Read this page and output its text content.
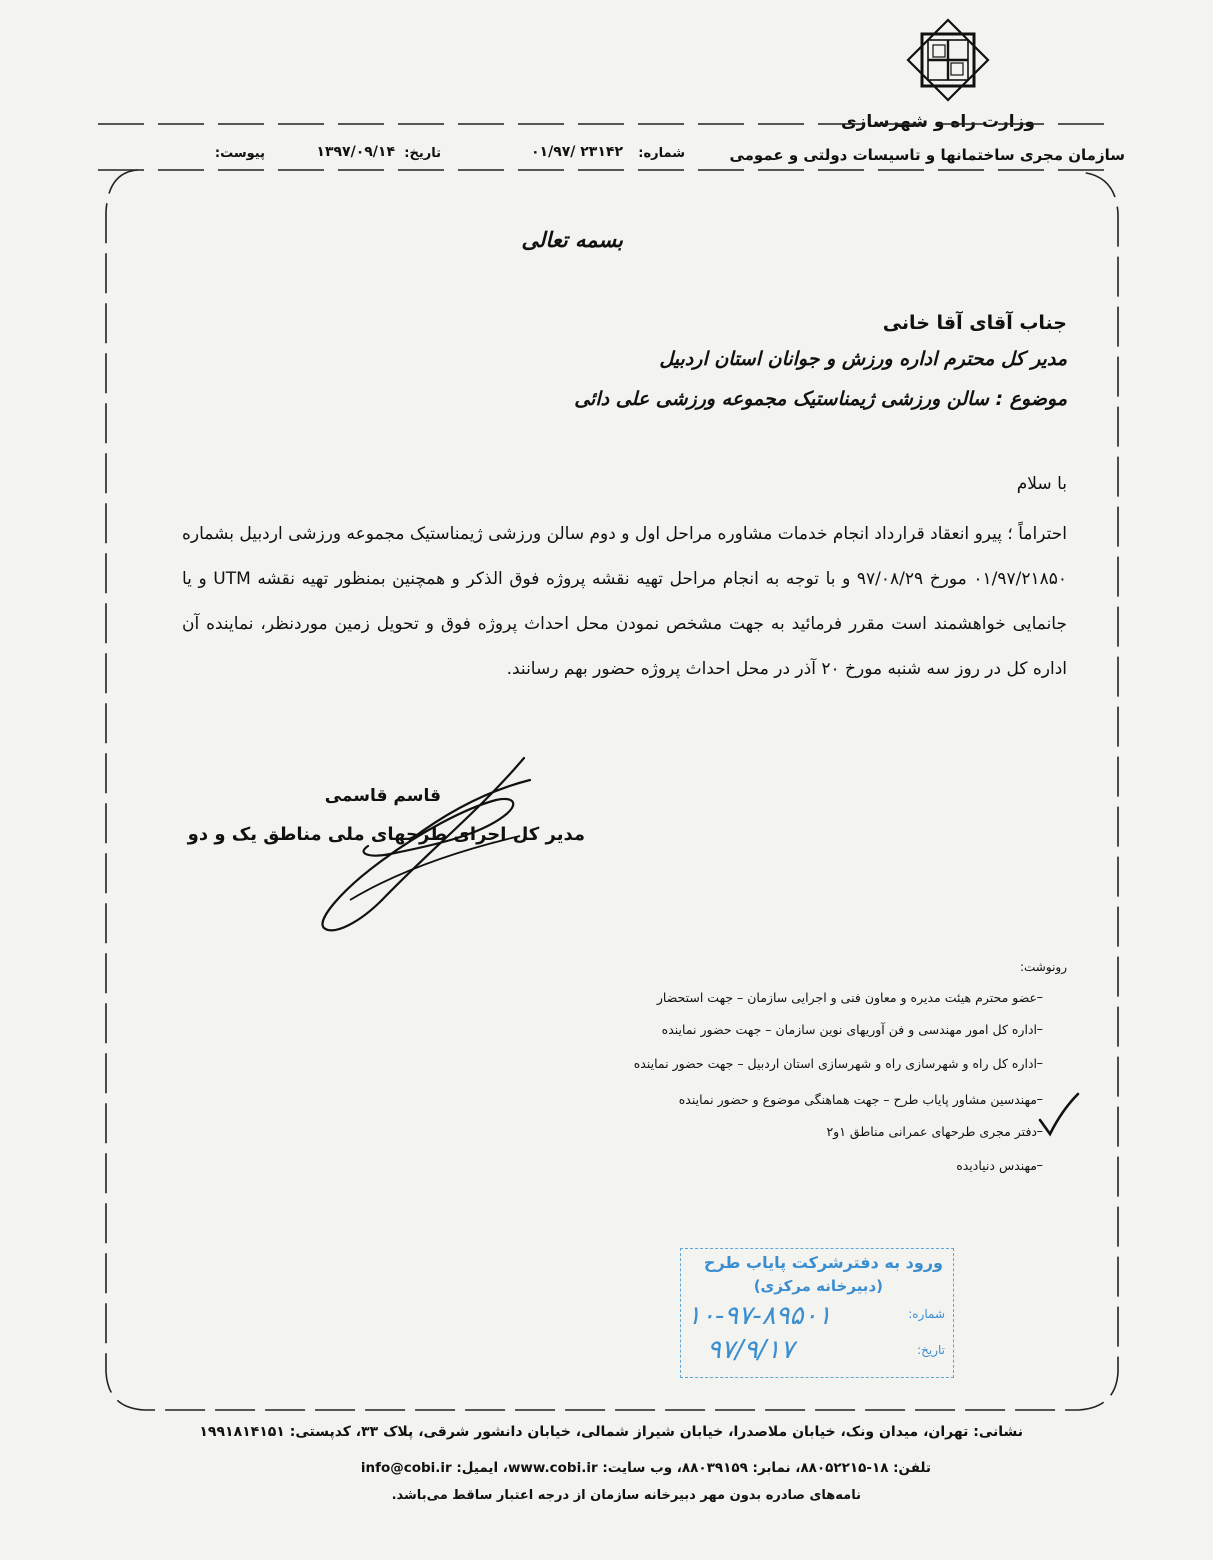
وزارت راه و شهرسازی
سازمان مجری ساختمانها و تاسیسات دولتی و عمومی
شماره:
۰۱/۹۷/ ۲۳۱۴۲
تاریخ:
۱۳۹۷/۰۹/۱۴
پیوست:
بسمه تعالی
جناب آقای آقا خانی
مدیر کل محترم اداره ورزش و جوانان استان اردبیل
موضوع : سالن ورزشی ژیمناستیک مجموعه ورزشی علی دائی
با سلام
احتراماً ؛ پیرو انعقاد قرارداد انجام خدمات مشاوره مراحل اول و دوم سالن ورزشی ژیمناستیک مجموعه ورزشی اردبیل بشماره ۰۱/۹۷/۲۱۸۵۰ مورخ ۹۷/۰۸/۲۹ و با توجه به انجام مراحل تهیه نقشه پروژه فوق الذکر و همچنین بمنظور تهیه نقشه UTM و یا جانمایی خواهشمند است مقرر فرمائید به جهت مشخص نمودن محل احداث پروژه فوق و تحویل زمین موردنظر، نماینده آن اداره کل در روز سه شنبه مورخ ۲۰ آذر در محل احداث پروژه حضور بهم رسانند.
قاسم قاسمی
مدیر کل اجرای طرحهای ملی مناطق یک و دو
رونوشت:
–
عضو محترم هیئت مدیره و معاون فنی و اجرایی سازمان – جهت استحضار
–
اداره کل امور مهندسی و فن آوریهای نوین سازمان – جهت حضور نماینده
–
اداره کل راه و شهرسازی راه و شهرسازی استان اردبیل – جهت حضور نماینده
–
مهندسین مشاور پایاب طرح – جهت هماهنگی موضوع و حضور نماینده
–
دفتر مجری طرحهای عمرانی مناطق ۱و۲
–
مهندس دنیادیده
ورود به دفترشرکت پایاب طرح
(دبیرخانه مرکزی)
شماره:
تاریخ:
۱۰-۹۷-۸۹۵۰۱
۹۷/۹/۱۷
نشانی: تهران، میدان ونک، خیابان ملاصدرا، خیابان شیراز شمالی، خیابان دانشور شرقی، پلاک ۳۳، کدپستی: ۱۹۹۱۸۱۴۱۵۱
تلفن: ۱۸-۸۸۰۵۲۲۱۵، نمابر: ۸۸۰۳۹۱۵۹، وب سایت: www.cobi.ir، ایمیل: info@cobi.ir
نامه‌های صادره بدون مهر دبیرخانه سازمان از درجه اعتبار ساقط می‌باشد.
